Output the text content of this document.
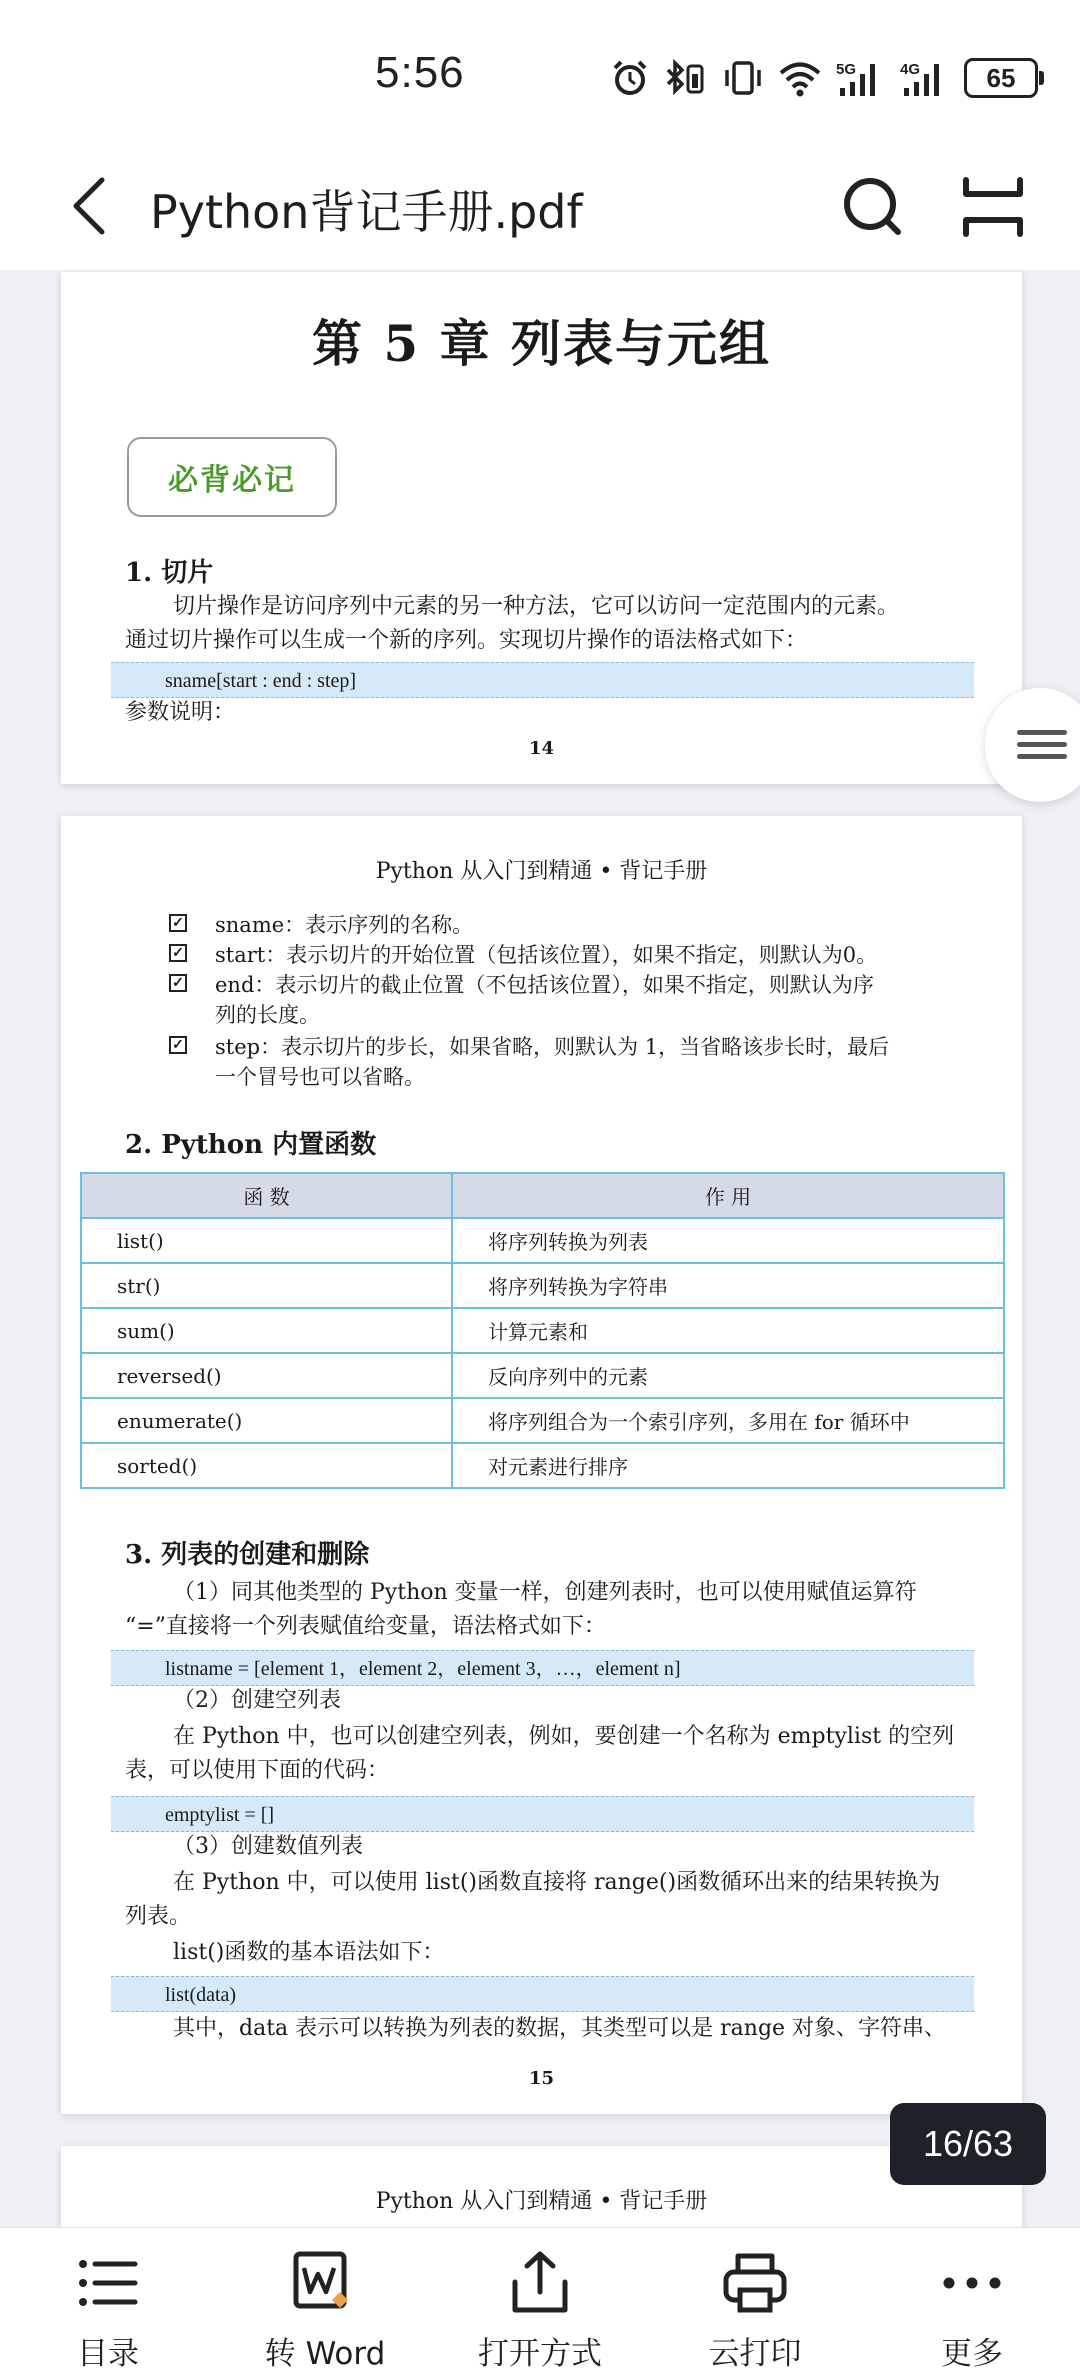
5:56	5G	4G	65
Python背记手册.pdf
第 5 章 列表与元组
必背必记
1. 切片
切片操作是访问序列中元素的另一种方法，它可以访问一定范围内的元素。
通过切片操作可以生成一个新的序列。实现切片操作的语法格式如下：
sname[start : end : step]
参数说明：
14
Python 从入门到精通 • 背记手册
✓ sname：表示序列的名称。
✓ start：表示切片的开始位置（包括该位置），如果不指定，则默认为0。
✓ end：表示切片的截止位置（不包括该位置），如果不指定，则默认为序
列的长度。
✓ step：表示切片的步长，如果省略，则默认为 1，当省略该步长时，最后
一个冒号也可以省略。
2. Python 内置函数
函 数	作 用
list()	将序列转换为列表
str()	将序列转换为字符串
sum()	计算元素和
reversed()	反向序列中的元素
enumerate()	将序列组合为一个索引序列，多用在 for 循环中
sorted()	对元素进行排序
3. 列表的创建和删除
（1）同其他类型的 Python 变量一样，创建列表时，也可以使用赋值运算符
“=”直接将一个列表赋值给变量，语法格式如下：
listname = [element 1，element 2，element 3，…，element n]
（2）创建空列表
在 Python 中，也可以创建空列表，例如，要创建一个名称为 emptylist 的空列
表，可以使用下面的代码：
emptylist = []
（3）创建数值列表
在 Python 中，可以使用 list()函数直接将 range()函数循环出来的结果转换为
列表。
list()函数的基本语法如下：
list(data)
其中，data 表示可以转换为列表的数据，其类型可以是 range 对象、字符串、
15
Python 从入门到精通 • 背记手册
16/63
目录	转 Word	打开方式	云打印	更多
